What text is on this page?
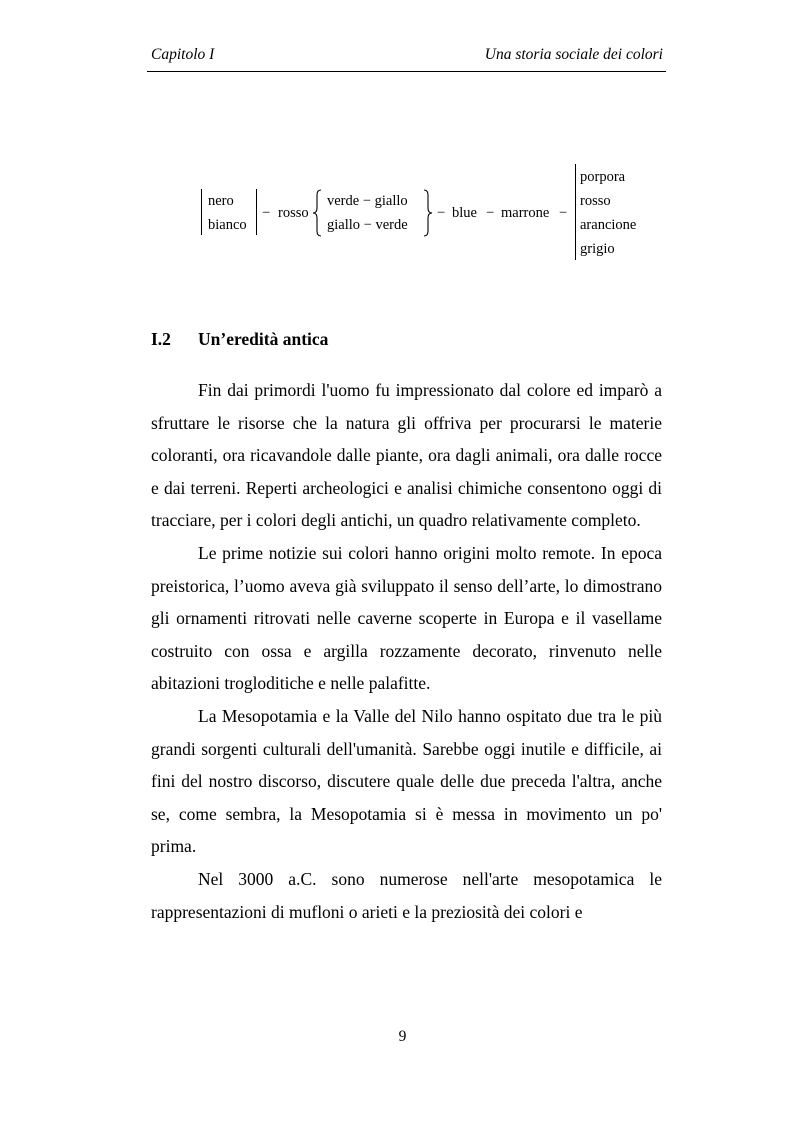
Capitolo I	Una storia sociale dei colori
nero
bianco
− rosso
verde − giallo
giallo − verde
− blue − marrone −
porpora
rosso
arancione
grigio
I.2 Un’eredità antica

Fin dai primordi l'uomo fu impressionato dal colore ed imparò a sfruttare le risorse che la natura gli offriva per procurarsi le materie coloranti, ora ricavandole dalle piante, ora dagli animali, ora dalle rocce e dai terreni. Reperti archeologici e analisi chimiche consentono oggi di tracciare, per i colori degli antichi, un quadro relativamente completo.

Le prime notizie sui colori hanno origini molto remote. In epoca preistorica, l’uomo aveva già sviluppato il senso dell’arte, lo dimostrano gli ornamenti ritrovati nelle caverne scoperte in Europa e il vasellame costruito con ossa e argilla rozzamente decorato, rinvenuto nelle abitazioni trogloditiche e nelle palafitte.

La Mesopotamia e la Valle del Nilo hanno ospitato due tra le più grandi sorgenti culturali dell'umanità. Sarebbe oggi inutile e difficile, ai fini del nostro discorso, discutere quale delle due preceda l'altra, anche se, come sembra, la Mesopotamia si è messa in movimento un po' prima.

Nel 3000 a.C. sono numerose nell'arte mesopotamica le rappresentazioni di mufloni o arieti e la preziosità dei colori e

9
